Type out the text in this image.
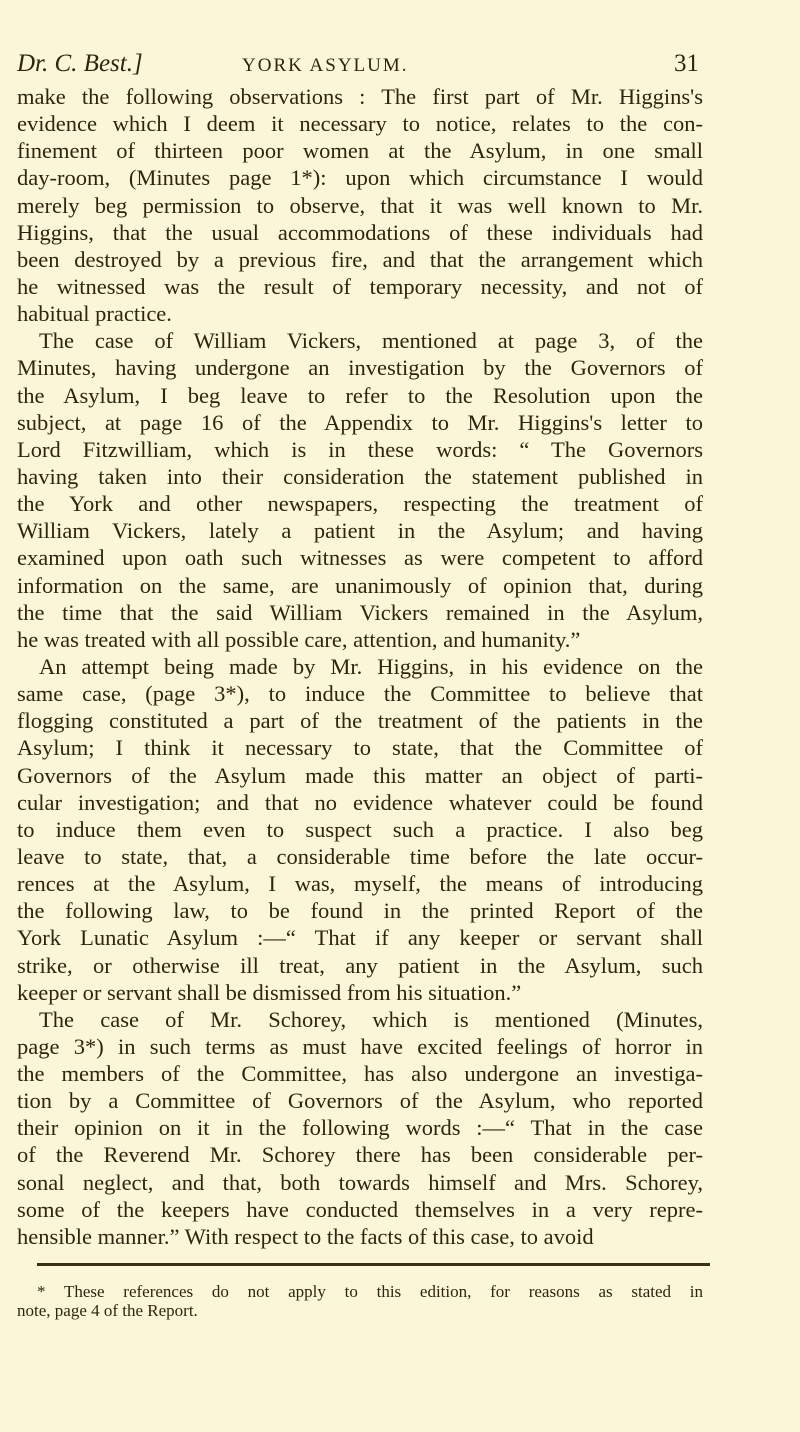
Dr. C. Best.]	YORK ASYLUM.	31
make the following observations : The first part of Mr. Higgins's
evidence which I deem it necessary to notice, relates to the con-
finement of thirteen poor women at the Asylum, in one small
day-room, (Minutes page 1*): upon which circumstance I would
merely beg permission to observe, that it was well known to Mr.
Higgins, that the usual accommodations of these individuals had
been destroyed by a previous fire, and that the arrangement which
he witnessed was the result of temporary necessity, and not of
habitual practice.
The case of William Vickers, mentioned at page 3, of the
Minutes, having undergone an investigation by the Governors of
the Asylum, I beg leave to refer to the Resolution upon the
subject, at page 16 of the Appendix to Mr. Higgins's letter to
Lord Fitzwilliam, which is in these words: “ The Governors
having taken into their consideration the statement published in
the York and other newspapers, respecting the treatment of
William Vickers, lately a patient in the Asylum; and having
examined upon oath such witnesses as were competent to afford
information on the same, are unanimously of opinion that, during
the time that the said William Vickers remained in the Asylum,
he was treated with all possible care, attention, and humanity.”
An attempt being made by Mr. Higgins, in his evidence on the
same case, (page 3*), to induce the Committee to believe that
flogging constituted a part of the treatment of the patients in the
Asylum; I think it necessary to state, that the Committee of
Governors of the Asylum made this matter an object of parti-
cular investigation; and that no evidence whatever could be found
to induce them even to suspect such a practice. I also beg
leave to state, that, a considerable time before the late occur-
rences at the Asylum, I was, myself, the means of introducing
the following law, to be found in the printed Report of the
York Lunatic Asylum :—“ That if any keeper or servant shall
strike, or otherwise ill treat, any patient in the Asylum, such
keeper or servant shall be dismissed from his situation.”
The case of Mr. Schorey, which is mentioned (Minutes,
page 3*) in such terms as must have excited feelings of horror in
the members of the Committee, has also undergone an investiga-
tion by a Committee of Governors of the Asylum, who reported
their opinion on it in the following words :—“ That in the case
of the Reverend Mr. Schorey there has been considerable per-
sonal neglect, and that, both towards himself and Mrs. Schorey,
some of the keepers have conducted themselves in a very repre-
hensible manner.” With respect to the facts of this case, to avoid
* These references do not apply to this edition, for reasons as stated in
note, page 4 of the Report.
